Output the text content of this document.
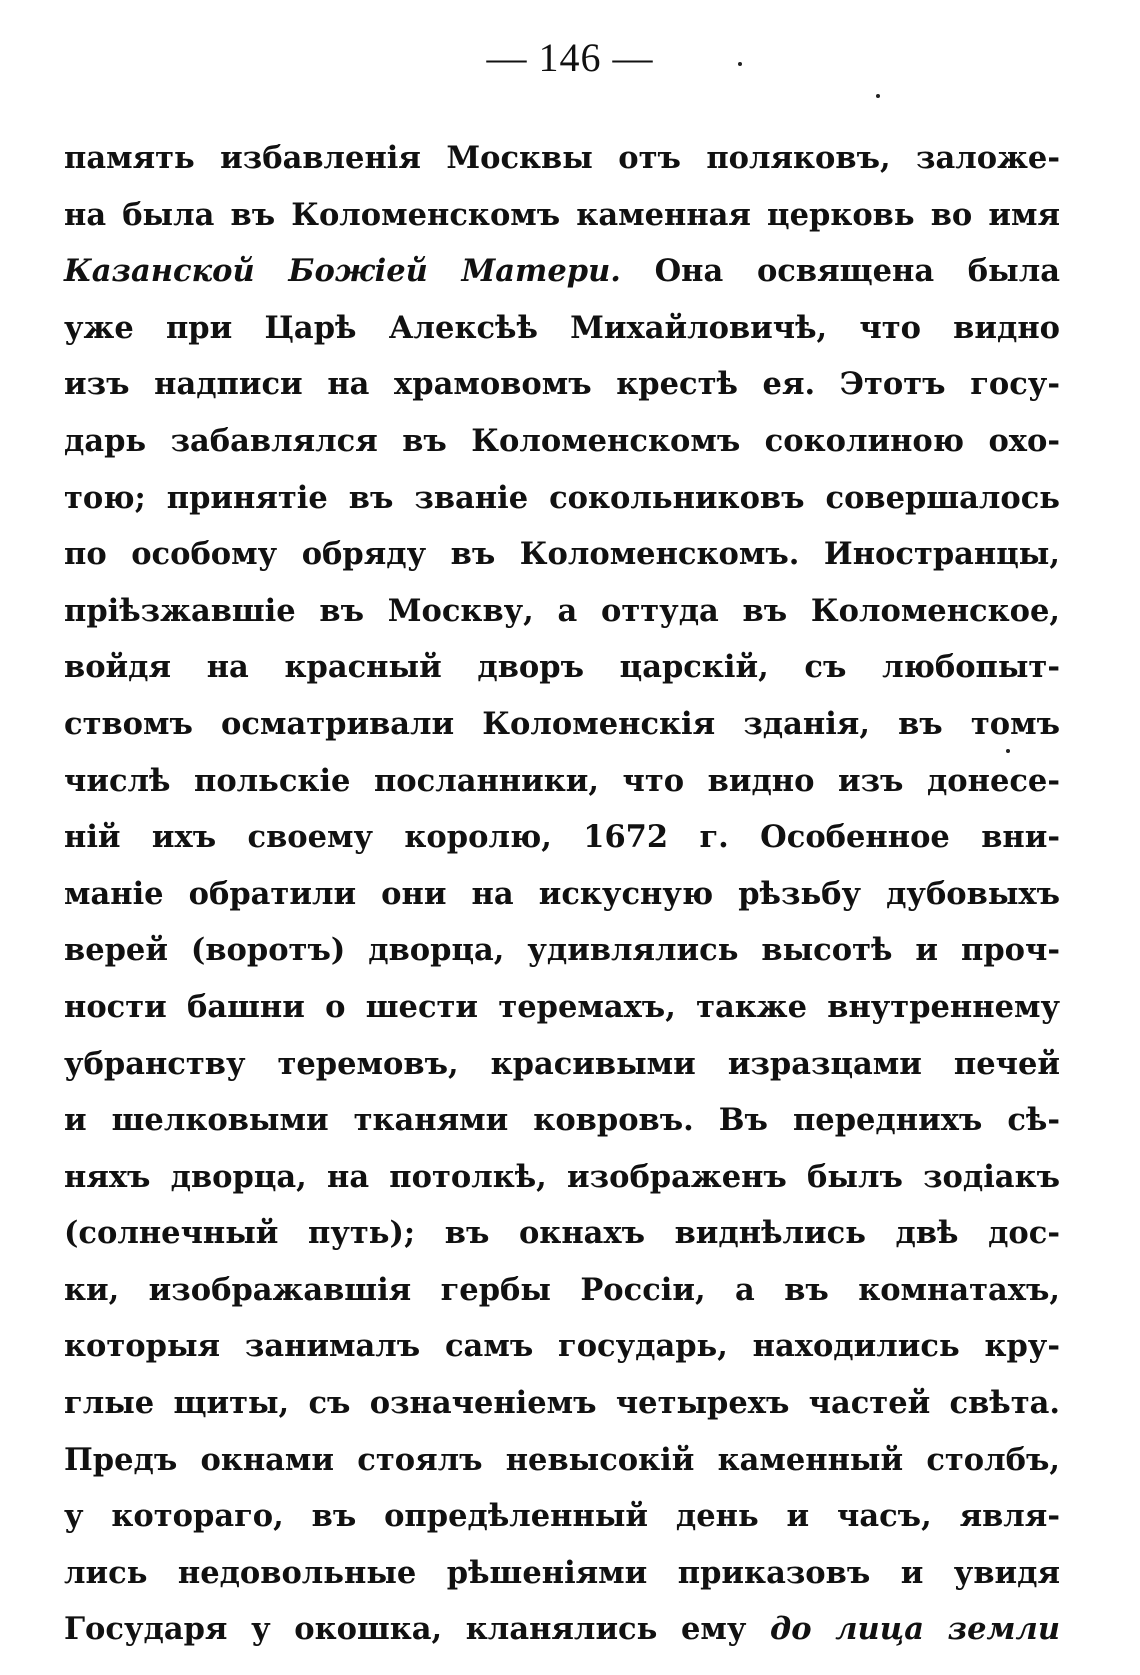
— 146 —
память избавленія Москвы отъ поляковъ, заложе-
на была въ Коломенскомъ каменная церковь во имя
Казанской Божіей Матери. Она освящена была
уже при Царѣ Алексѣѣ Михайловичѣ, что видно
изъ надписи на храмовомъ крестѣ ея. Этотъ госу-
дарь забавлялся въ Коломенскомъ соколиною охо-
тою; принятіе въ званіе сокольниковъ совершалось
по особому обряду въ Коломенскомъ. Иностранцы,
пріѣзжавшіе въ Москву, а оттуда въ Коломенское,
войдя на красный дворъ царскій, съ любопыт-
ствомъ осматривали Коломенскія зданія, въ томъ
числѣ польскіе посланники, что видно изъ донесе-
ній ихъ своему королю, 1672 г. Особенное вни-
маніе обратили они на искусную рѣзьбу дубовыхъ
верей (воротъ) дворца, удивлялись высотѣ и проч-
ности башни о шести теремахъ, также внутреннему
убранству теремовъ, красивыми изразцами печей
и шелковыми тканями ковровъ. Въ переднихъ сѣ-
няхъ дворца, на потолкѣ, изображенъ былъ зодіакъ
(солнечный путь); въ окнахъ виднѣлись двѣ дос-
ки, изображавшія гербы Россіи, а въ комнатахъ,
которыя занималъ самъ государь, находились кру-
глые щиты, съ означеніемъ четырехъ частей свѣта.
Предъ окнами стоялъ невысокій каменный столбъ,
у котораго, въ опредѣленный день и часъ, явля-
лись недовольные рѣшеніями приказовъ и увидя
Государя у окошка, кланялись ему до лица земли
